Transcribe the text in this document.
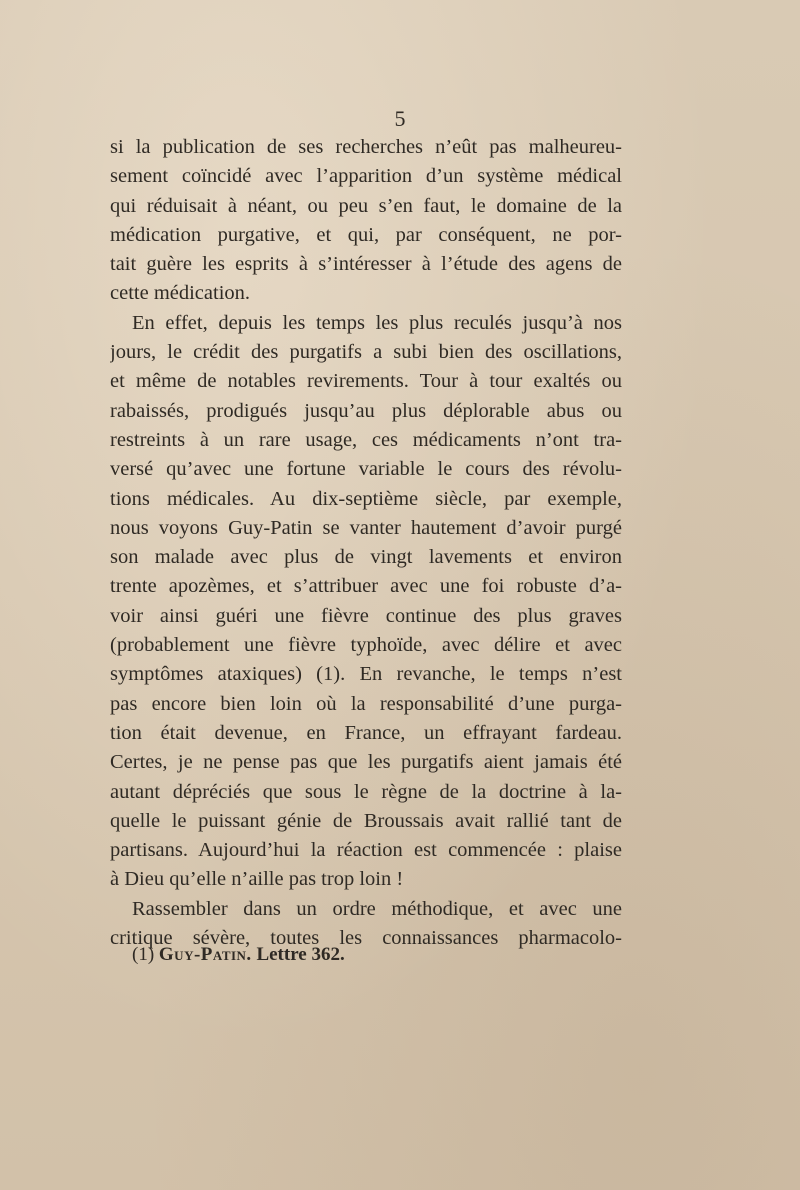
5
si la publication de ses recherches n’eût pas malheureu-
sement coïncidé avec l’apparition d’un système médical
qui réduisait à néant, ou peu s’en faut, le domaine de la
médication purgative, et qui, par conséquent, ne por-
tait guère les esprits à s’intéresser à l’étude des agens de
cette médication.
En effet, depuis les temps les plus reculés jusqu’à nos
jours, le crédit des purgatifs a subi bien des oscillations,
et même de notables revirements. Tour à tour exaltés ou
rabaissés, prodigués jusqu’au plus déplorable abus ou
restreints à un rare usage, ces médicaments n’ont tra-
versé qu’avec une fortune variable le cours des révolu-
tions médicales. Au dix-septième siècle, par exemple,
nous voyons Guy-Patin se vanter hautement d’avoir purgé
son malade avec plus de vingt lavements et environ
trente apozèmes, et s’attribuer avec une foi robuste d’a-
voir ainsi guéri une fièvre continue des plus graves
(probablement une fièvre typhoïde, avec délire et avec
symptômes ataxiques) (1). En revanche, le temps n’est
pas encore bien loin où la responsabilité d’une purga-
tion était devenue, en France, un effrayant fardeau.
Certes, je ne pense pas que les purgatifs aient jamais été
autant dépréciés que sous le règne de la doctrine à la-
quelle le puissant génie de Broussais avait rallié tant de
partisans. Aujourd’hui la réaction est commencée : plaise
à Dieu qu’elle n’aille pas trop loin !
Rassembler dans un ordre méthodique, et avec une
critique sévère, toutes les connaissances pharmacolo-
(1) Guy-Patin. Lettre 362.
